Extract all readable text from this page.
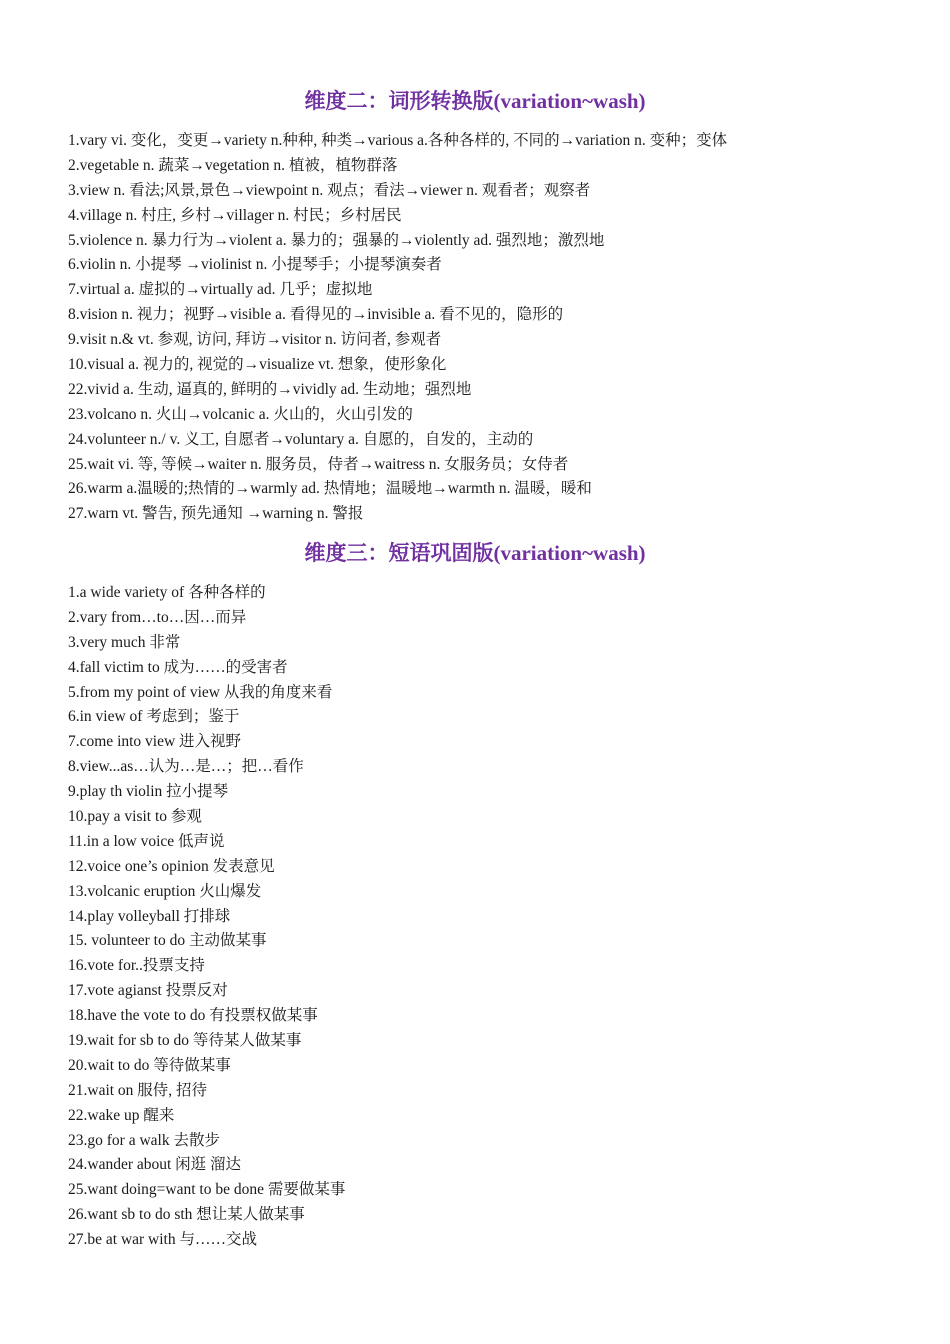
维度二：词形转换版(variation~wash)
1.vary vi. 变化，变更→variety n.种种, 种类→various a.各种各样的, 不同的→variation n. 变种；变体
2.vegetable n. 蔬菜→vegetation n. 植被，植物群落
3.view n. 看法;风景,景色→viewpoint n. 观点；看法→viewer n. 观看者；观察者
4.village n. 村庄, 乡村→villager n. 村民；乡村居民
5.violence n. 暴力行为→violent a. 暴力的；强暴的→violently ad. 强烈地；激烈地
6.violin n. 小提琴 →violinist n. 小提琴手；小提琴演奏者
7.virtual a. 虚拟的→virtually ad. 几乎；虚拟地
8.vision n. 视力；视野→visible a. 看得见的→invisible a. 看不见的，隐形的
9.visit n.& vt. 参观, 访问, 拜访→visitor n. 访问者, 参观者
10.visual a. 视力的, 视觉的→visualize vt. 想象，使形象化
22.vivid a. 生动, 逼真的, 鲜明的→vividly ad. 生动地；强烈地
23.volcano n. 火山→volcanic a. 火山的，火山引发的
24.volunteer n./ v. 义工, 自愿者→voluntary a. 自愿的，自发的，主动的
25.wait vi. 等, 等候→waiter n. 服务员，侍者→waitress n. 女服务员；女侍者
26.warm a.温暖的;热情的→warmly ad. 热情地；温暖地→warmth n. 温暖，暖和
27.warn vt. 警告, 预先通知 →warning n. 警报
维度三：短语巩固版(variation~wash)
1.a wide variety of 各种各样的
2.vary from…to…因…而异
3.very much 非常
4.fall victim to 成为……的受害者
5.from my point of view 从我的角度来看
6.in view of 考虑到；鉴于
7.come into view 进入视野
8.view...as…认为…是…；把…看作
9.play th violin 拉小提琴
10.pay a visit to 参观
11.in a low voice 低声说
12.voice one’s opinion 发表意见
13.volcanic eruption 火山爆发
14.play volleyball 打排球
15. volunteer to do 主动做某事
16.vote for..投票支持
17.vote agianst 投票反对
18.have the vote to do 有投票权做某事
19.wait for sb to do 等待某人做某事
20.wait to do 等待做某事
21.wait on 服侍, 招待
22.wake up 醒来
23.go for a walk 去散步
24.wander about 闲逛 溜达
25.want doing=want to be done 需要做某事
26.want sb to do sth 想让某人做某事
27.be at war with 与……交战
